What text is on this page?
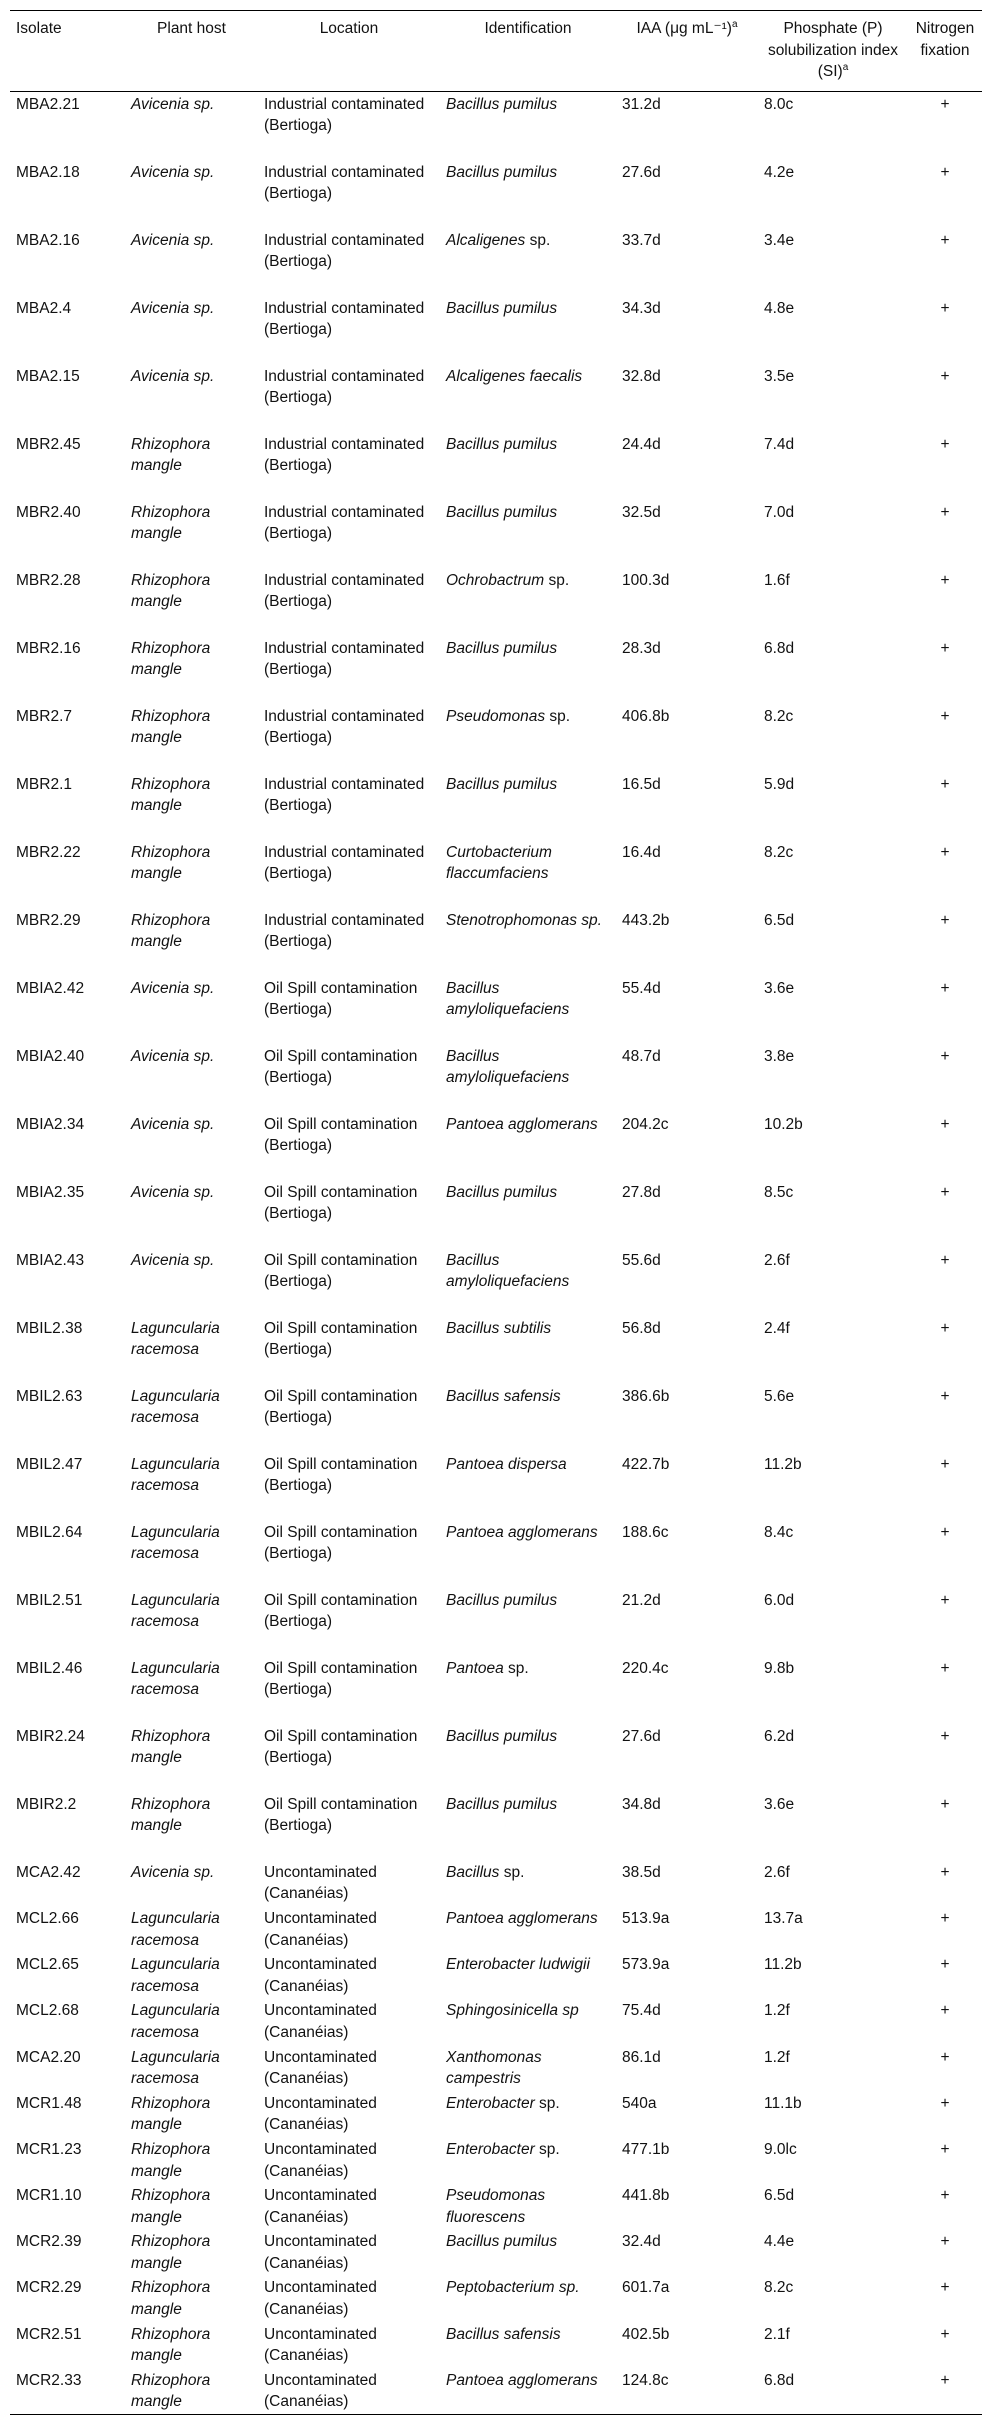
Isolate	Plant host	Location	Identification	IAA (μg mL⁻¹)$^a$	Phosphate (P) solubilization index (SI)$^a$	Nitrogen fixation
MBA2.21	Avicenia sp.	Industrial contaminated (Bertioga)	Bacillus pumilus	31.2d	8.0c	+
MBA2.18	Avicenia sp.	Industrial contaminated (Bertioga)	Bacillus pumilus	27.6d	4.2e	+
MBA2.16	Avicenia sp.	Industrial contaminated (Bertioga)	Alcaligenes sp.	33.7d	3.4e	+
MBA2.4	Avicenia sp.	Industrial contaminated (Bertioga)	Bacillus pumilus	34.3d	4.8e	+
MBA2.15	Avicenia sp.	Industrial contaminated (Bertioga)	Alcaligenes faecalis	32.8d	3.5e	+
MBR2.45	Rhizophora mangle	Industrial contaminated (Bertioga)	Bacillus pumilus	24.4d	7.4d	+
MBR2.40	Rhizophora mangle	Industrial contaminated (Bertioga)	Bacillus pumilus	32.5d	7.0d	+
MBR2.28	Rhizophora mangle	Industrial contaminated (Bertioga)	Ochrobactrum sp.	100.3d	1.6f	+
MBR2.16	Rhizophora mangle	Industrial contaminated (Bertioga)	Bacillus pumilus	28.3d	6.8d	+
MBR2.7	Rhizophora mangle	Industrial contaminated (Bertioga)	Pseudomonas sp.	406.8b	8.2c	+
MBR2.1	Rhizophora mangle	Industrial contaminated (Bertioga)	Bacillus pumilus	16.5d	5.9d	+
MBR2.22	Rhizophora mangle	Industrial contaminated (Bertioga)	Curtobacterium flaccumfaciens	16.4d	8.2c	+
MBR2.29	Rhizophora mangle	Industrial contaminated (Bertioga)	Stenotrophomonas sp.	443.2b	6.5d	+
MBIA2.42	Avicenia sp.	Oil Spill contamination (Bertioga)	Bacillus amyloliquefaciens	55.4d	3.6e	+
MBIA2.40	Avicenia sp.	Oil Spill contamination (Bertioga)	Bacillus amyloliquefaciens	48.7d	3.8e	+
MBIA2.34	Avicenia sp.	Oil Spill contamination (Bertioga)	Pantoea agglomerans	204.2c	10.2b	+
MBIA2.35	Avicenia sp.	Oil Spill contamination (Bertioga)	Bacillus pumilus	27.8d	8.5c	+
MBIA2.43	Avicenia sp.	Oil Spill contamination (Bertioga)	Bacillus amyloliquefaciens	55.6d	2.6f	+
MBIL2.38	Laguncularia racemosa	Oil Spill contamination (Bertioga)	Bacillus subtilis	56.8d	2.4f	+
MBIL2.63	Laguncularia racemosa	Oil Spill contamination (Bertioga)	Bacillus safensis	386.6b	5.6e	+
MBIL2.47	Laguncularia racemosa	Oil Spill contamination (Bertioga)	Pantoea dispersa	422.7b	11.2b	+
MBIL2.64	Laguncularia racemosa	Oil Spill contamination (Bertioga)	Pantoea agglomerans	188.6c	8.4c	+
MBIL2.51	Laguncularia racemosa	Oil Spill contamination (Bertioga)	Bacillus pumilus	21.2d	6.0d	+
MBIL2.46	Laguncularia racemosa	Oil Spill contamination (Bertioga)	Pantoea sp.	220.4c	9.8b	+
MBIR2.24	Rhizophora mangle	Oil Spill contamination (Bertioga)	Bacillus pumilus	27.6d	6.2d	+
MBIR2.2	Rhizophora mangle	Oil Spill contamination (Bertioga)	Bacillus pumilus	34.8d	3.6e	+
MCA2.42	Avicenia sp.	Uncontaminated (Cananéias)	Bacillus sp.	38.5d	2.6f	+
MCL2.66	Laguncularia racemosa	Uncontaminated (Cananéias)	Pantoea agglomerans	513.9a	13.7a	+
MCL2.65	Laguncularia racemosa	Uncontaminated (Cananéias)	Enterobacter ludwigii	573.9a	11.2b	+
MCL2.68	Laguncularia racemosa	Uncontaminated (Cananéias)	Sphingosinicella sp	75.4d	1.2f	+
MCA2.20	Laguncularia racemosa	Uncontaminated (Cananéias)	Xanthomonas campestris	86.1d	1.2f	+
MCR1.48	Rhizophora mangle	Uncontaminated (Cananéias)	Enterobacter sp.	540a	11.1b	+
MCR1.23	Rhizophora mangle	Uncontaminated (Cananéias)	Enterobacter sp.	477.1b	9.0lc	+
MCR1.10	Rhizophora mangle	Uncontaminated (Cananéias)	Pseudomonas fluorescens	441.8b	6.5d	+
MCR2.39	Rhizophora mangle	Uncontaminated (Cananéias)	Bacillus pumilus	32.4d	4.4e	+
MCR2.29	Rhizophora mangle	Uncontaminated (Cananéias)	Peptobacterium sp.	601.7a	8.2c	+
MCR2.51	Rhizophora mangle	Uncontaminated (Cananéias)	Bacillus safensis	402.5b	2.1f	+
MCR2.33	Rhizophora mangle	Uncontaminated (Cananéias)	Pantoea agglomerans	124.8c	6.8d	+
